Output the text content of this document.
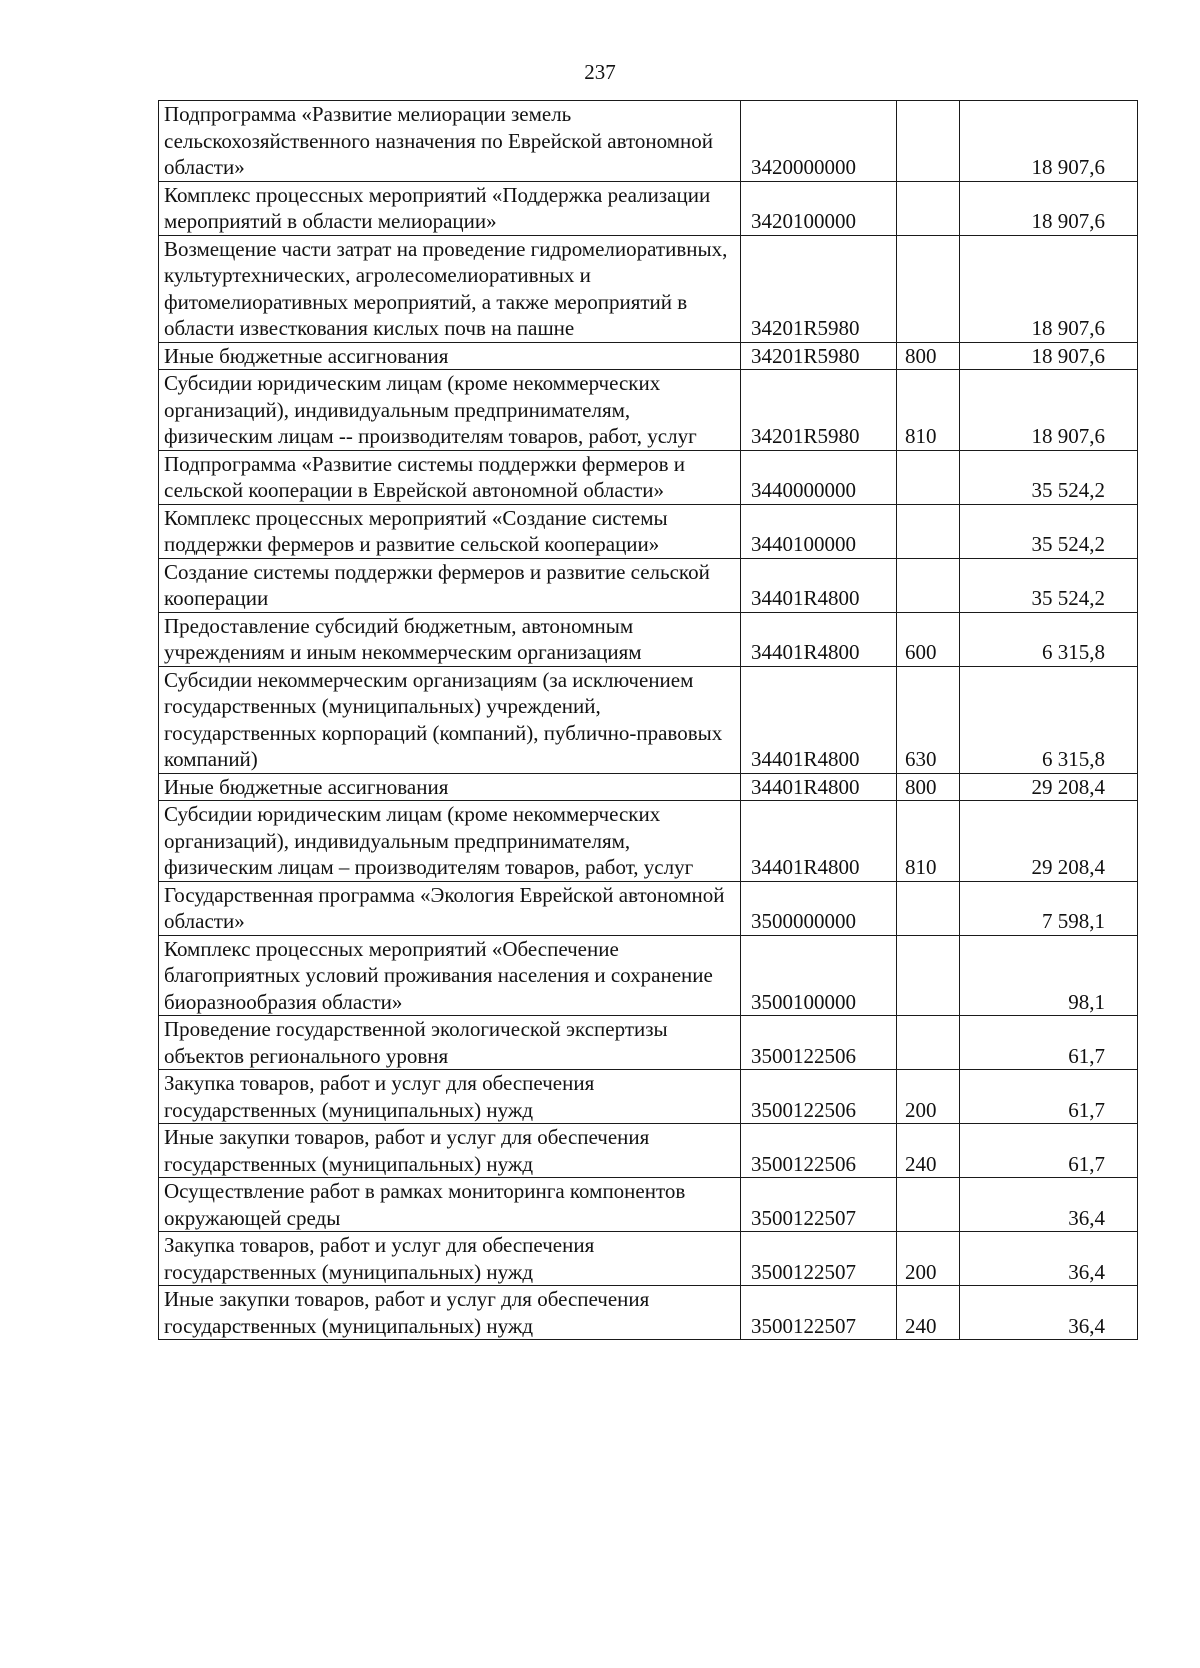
237
Подпрограмма «Развитие мелиорации земель сельскохозяйственного назначения по Еврейской автономной области»	3420000000		18 907,6
Комплекс процессных мероприятий «Поддержка реализации мероприятий в области мелиорации»	3420100000		18 907,6
Возмещение части затрат на проведение гидромелиоративных, культуртехнических, агролесомелиоративных и фитомелиоративных мероприятий, а также мероприятий в области известкования кислых почв на пашне	34201R5980		18 907,6
Иные бюджетные ассигнования	34201R5980	800	18 907,6
Субсидии юридическим лицам (кроме некоммерческих организаций), индивидуальным предпринимателям, физическим лицам -- производителям товаров, работ, услуг	34201R5980	810	18 907,6
Подпрограмма «Развитие системы поддержки фермеров и сельской кооперации в Еврейской автономной области»	3440000000		35 524,2
Комплекс процессных мероприятий «Создание системы поддержки фермеров и развитие сельской кооперации»	3440100000		35 524,2
Создание системы поддержки фермеров и развитие сельской кооперации	34401R4800		35 524,2
Предоставление субсидий бюджетным, автономным учреждениям и иным некоммерческим организациям	34401R4800	600	6 315,8
Субсидии некоммерческим организациям (за исключением государственных (муниципальных) учреждений, государственных корпораций (компаний), публично-правовых компаний)	34401R4800	630	6 315,8
Иные бюджетные ассигнования	34401R4800	800	29 208,4
Субсидии юридическим лицам (кроме некоммерческих организаций), индивидуальным предпринимателям, физическим лицам – производителям товаров, работ, услуг	34401R4800	810	29 208,4
Государственная программа «Экология Еврейской автономной области»	3500000000		7 598,1
Комплекс процессных мероприятий «Обеспечение благоприятных условий проживания населения и сохранение биоразнообразия области»	3500100000		98,1
Проведение государственной экологической экспертизы объектов регионального уровня	3500122506		61,7
Закупка товаров, работ и услуг для обеспечения государственных (муниципальных) нужд	3500122506	200	61,7
Иные закупки товаров, работ и услуг для обеспечения государственных (муниципальных) нужд	3500122506	240	61,7
Осуществление работ в рамках мониторинга компонентов окружающей среды	3500122507		36,4
Закупка товаров, работ и услуг для обеспечения государственных (муниципальных) нужд	3500122507	200	36,4
Иные закупки товаров, работ и услуг для обеспечения государственных (муниципальных) нужд	3500122507	240	36,4
